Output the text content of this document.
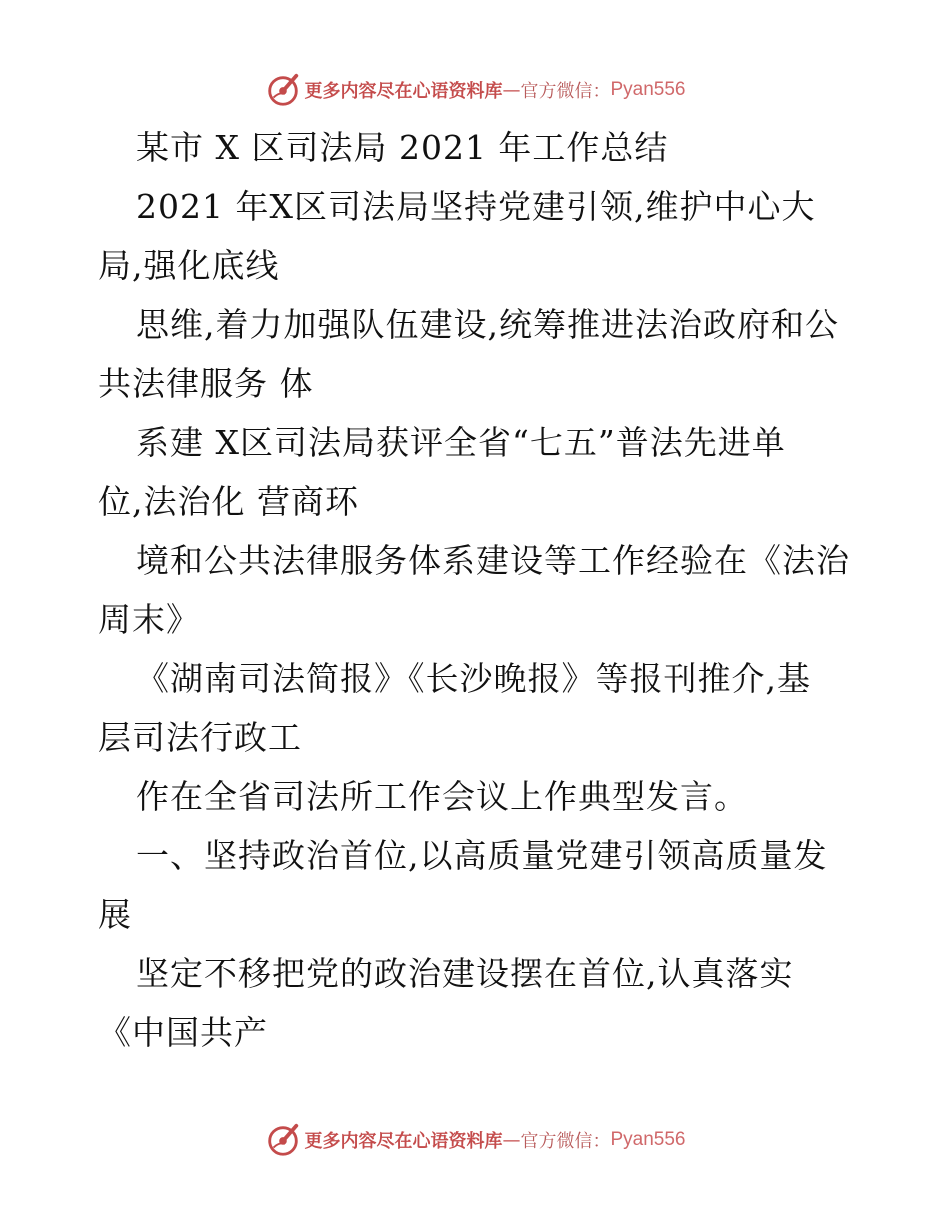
更多内容尽在心语资料库 — 官方微信： Pyan556
某市 X 区司法局 2021 年工作总结
2021 年X区司法局坚持党建引领,维护中心大
局,强化底线
思维,着力加强队伍建设,统筹推进法治政府和公
共法律服务 体
系建 X区司法局获评全省“七五”普法先进单
位,法治化 营商环
境和公共法律服务体系建设等工作经验在《法治
周末》
《湖南司法简报》《长沙晚报》等报刊推介,基
层司法行政工
作在全省司法所工作会议上作典型发言。
一、坚持政治首位,以高质量党建引领高质量发
展
坚定不移把党的政治建设摆在首位,认真落实
《中国共产
更多内容尽在心语资料库 — 官方微信： Pyan556
